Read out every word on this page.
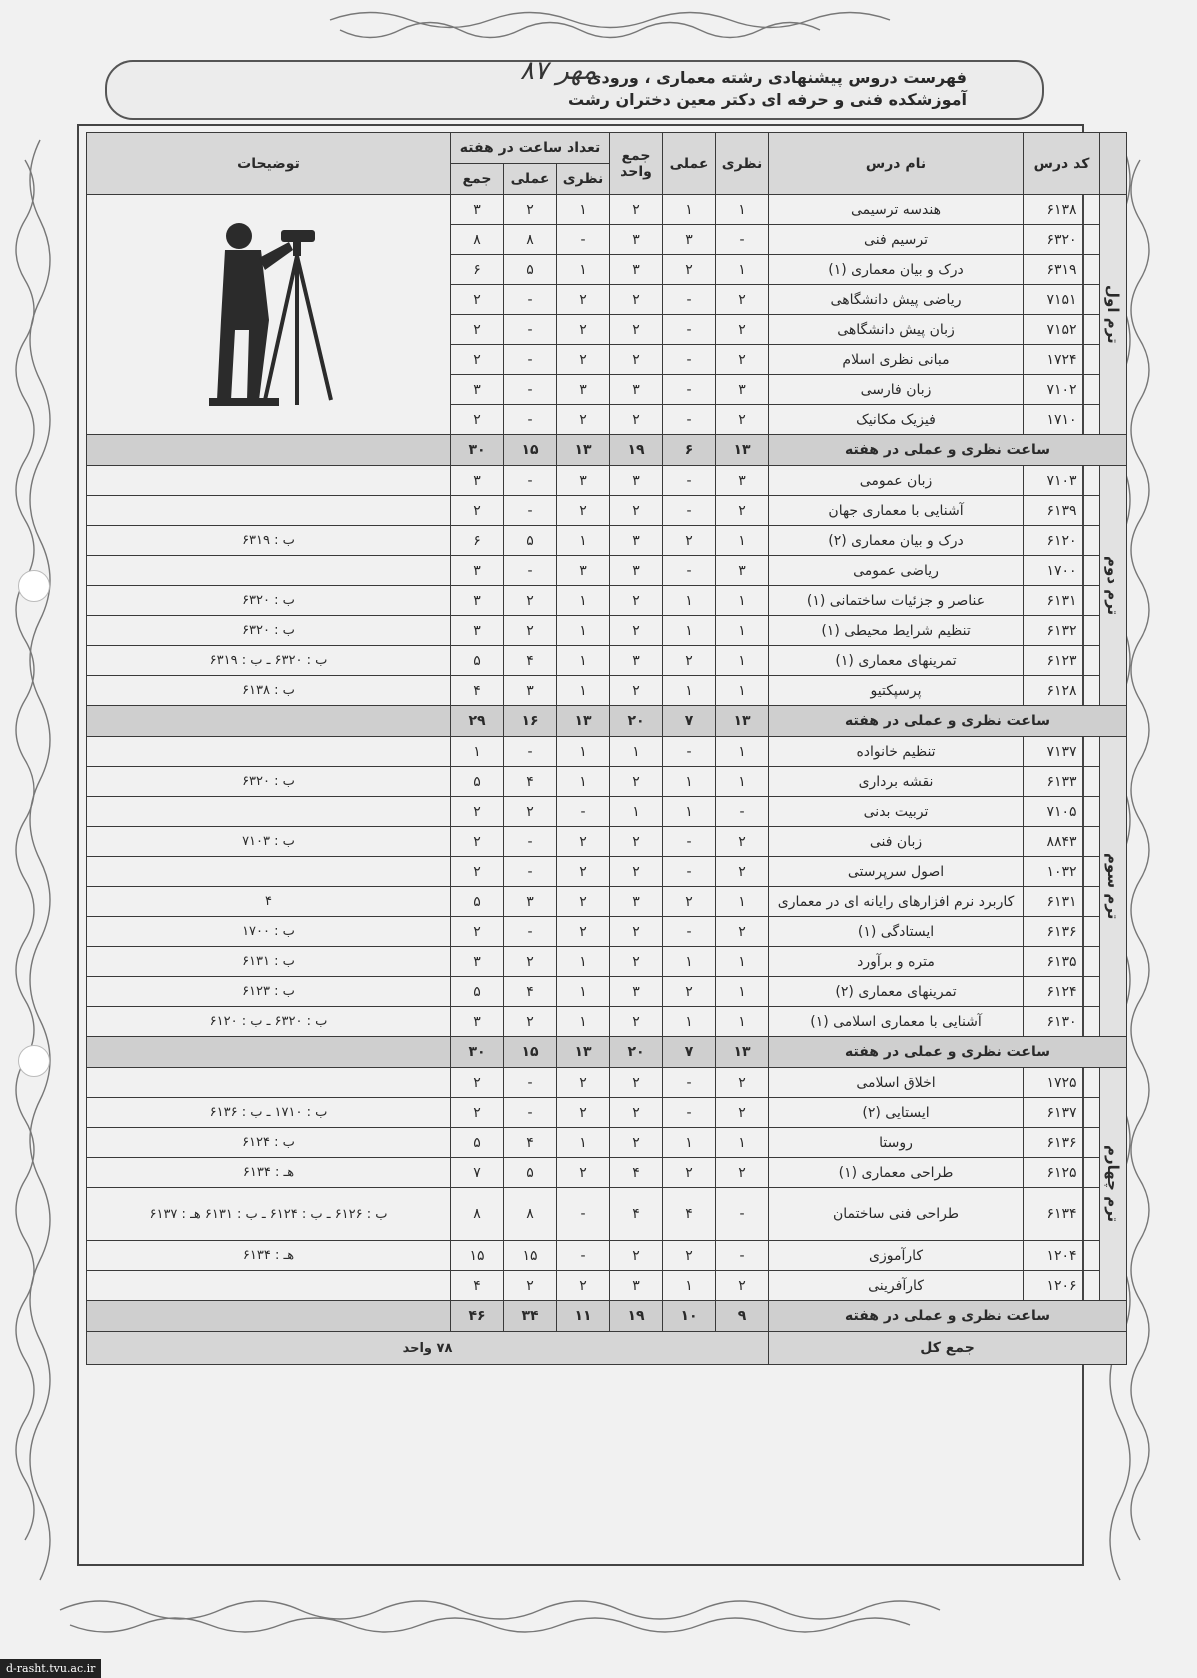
فهرست دروس پیشنهادی رشته معماری ، ورودی
مهر ۸۷
آموزشکده فنی و حرفه ای دکتر معین دختران رشت
	کد درس	نام درس	نظری	عملی	جمع واحد	تعداد ساعت در هفته			توضیحات
						نظری	عملی	جمع	

ترم اول	۶۱۳۸	هندسه ترسیمی	۱	۱	۲	۱	۲	۳	

	۶۳۲۰	ترسیم فنی	-	۳	۳	-	۸	۸	
	۶۳۱۹	درک و بیان معماری (۱)	۱	۲	۳	۱	۵	۶	
	۷۱۵۱	ریاضی پیش دانشگاهی	۲	-	۲	۲	-	۲	
	۷۱۵۲	زبان پیش دانشگاهی	۲	-	۲	۲	-	۲	
	۱۷۲۴	مبانی نظری اسلام	۲	-	۲	۲	-	۲	
	۷۱۰۲	زبان فارسی	۳	-	۳	۳	-	۳	
	۱۷۱۰	فیزیک مکانیک	۲	-	۲	۲	-	۲	
ساعت نظری و عملی در هفته			۱۳	۶	۱۹	۱۳	۱۵	۳۰	

ترم دوم	۷۱۰۳	زبان عمومی	۳	-	۳	۳	-	۳	
	۶۱۳۹	آشنایی با معماری جهان	۲	-	۲	۲	-	۲	
	۶۱۲۰	درک و بیان معماری (۲)	۱	۲	۳	۱	۵	۶	ب : ۶۳۱۹
	۱۷۰۰	ریاضی عمومی	۳	-	۳	۳	-	۳	
	۶۱۳۱	عناصر و جزئیات ساختمانی (۱)	۱	۱	۲	۱	۲	۳	ب : ۶۳۲۰
	۶۱۳۲	تنظیم شرایط محیطی (۱)	۱	۱	۲	۱	۲	۳	ب : ۶۳۲۰
	۶۱۲۳	تمرینهای معماری (۱)	۱	۲	۳	۱	۴	۵	ب : ۶۳۲۰ ـ ب : ۶۳۱۹
	۶۱۲۸	پرسپکتیو	۱	۱	۲	۱	۳	۴	ب : ۶۱۳۸
ساعت نظری و عملی در هفته			۱۳	۷	۲۰	۱۳	۱۶	۲۹	

ترم سوم	۷۱۳۷	تنظیم خانواده	۱	-	۱	۱	-	۱	
	۶۱۳۳	نقشه برداری	۱	۱	۲	۱	۴	۵	ب : ۶۳۲۰
	۷۱۰۵	تربیت بدنی	-	۱	۱	-	۲	۲	
	۸۸۴۳	زبان فنی	۲	-	۲	۲	-	۲	ب : ۷۱۰۳
	۱۰۳۲	اصول سرپرستی	۲	-	۲	۲	-	۲	
	۶۱۳۱	کاربرد نرم افزارهای رایانه ای در معماری	۱	۲	۳	۲	۳	۵	۴
	۶۱۳۶	ایستادگی (۱)	۲	-	۲	۲	-	۲	ب : ۱۷۰۰
	۶۱۳۵	متره و برآورد	۱	۱	۲	۱	۲	۳	ب : ۶۱۳۱
	۶۱۲۴	تمرینهای معماری (۲)	۱	۲	۳	۱	۴	۵	ب : ۶۱۲۳
	۶۱۳۰	آشنایی با معماری اسلامی (۱)	۱	۱	۲	۱	۲	۳	ب : ۶۳۲۰ ـ ب : ۶۱۲۰
ساعت نظری و عملی در هفته			۱۳	۷	۲۰	۱۳	۱۵	۳۰	

ترم چهارم	۱۷۲۵	اخلاق اسلامی	۲	-	۲	۲	-	۲	
	۶۱۳۷	ایستایی (۲)	۲	-	۲	۲	-	۲	ب : ۱۷۱۰ ـ ب : ۶۱۳۶
	۶۱۳۶	روستا	۱	۱	۲	۱	۴	۵	ب : ۶۱۲۴
	۶۱۲۵	طراحی معماری (۱)	۲	۲	۴	۲	۵	۷	هـ : ۶۱۳۴
	۶۱۳۴	طراحی فنی ساختمان	-	۴	۴	-	۸	۸	ب : ۶۱۲۶ ـ ب : ۶۱۲۴ ـ ب : ۶۱۳۱ هـ : ۶۱۳۷
	۱۲۰۴	کارآموزی	-	۲	۲	-	۱۵	۱۵	هـ : ۶۱۳۴
	۱۲۰۶	کارآفرینی	۲	۱	۳	۲	۲	۴	
ساعت نظری و عملی در هفته			۹	۱۰	۱۹	۱۱	۳۴	۴۶	
جمع کل			۷۸ واحد						
d-rasht.tvu.ac.ir
